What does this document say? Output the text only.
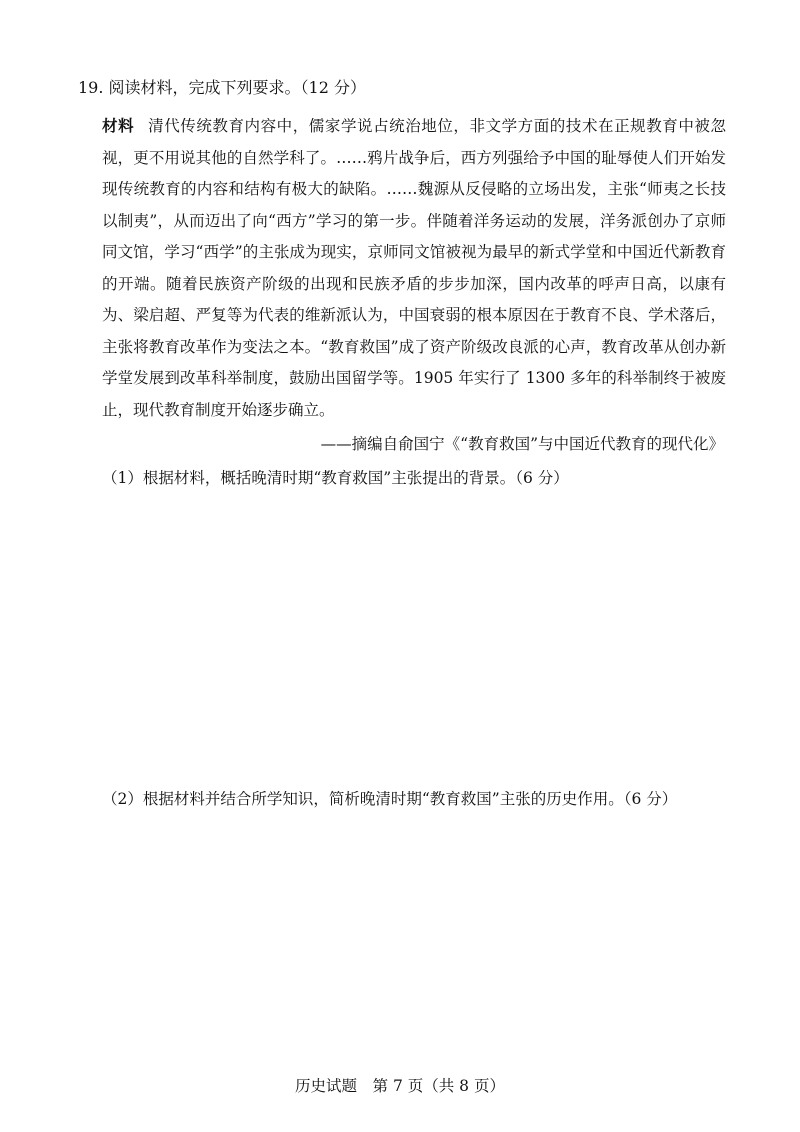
19. 阅读材料，完成下列要求。（12 分）
材料 清代传统教育内容中，儒家学说占统治地位，非文学方面的技术在正规教育中被忽视，更不用说其他的自然学科了。……鸦片战争后，西方列强给予中国的耻辱使人们开始发现传统教育的内容和结构有极大的缺陷。……魏源从反侵略的立场出发，主张“师夷之长技以制夷”，从而迈出了向“西方”学习的第一步。伴随着洋务运动的发展，洋务派创办了京师同文馆，学习“西学”的主张成为现实，京师同文馆被视为最早的新式学堂和中国近代新教育的开端。随着民族资产阶级的出现和民族矛盾的步步加深，国内改革的呼声日高，以康有为、梁启超、严复等为代表的维新派认为，中国衰弱的根本原因在于教育不良、学术落后，主张将教育改革作为变法之本。“教育救国”成了资产阶级改良派的心声，教育改革从创办新学堂发展到改革科举制度，鼓励出国留学等。1905 年实行了 1300 多年的科举制终于被废止，现代教育制度开始逐步确立。
——摘编自俞国宁《“教育救国”与中国近代教育的现代化》
（1）根据材料，概括晚清时期“教育救国”主张提出的背景。（6 分）
（2）根据材料并结合所学知识，简析晚清时期“教育救国”主张的历史作用。（6 分）
历史试题　第 7 页（共 8 页）
